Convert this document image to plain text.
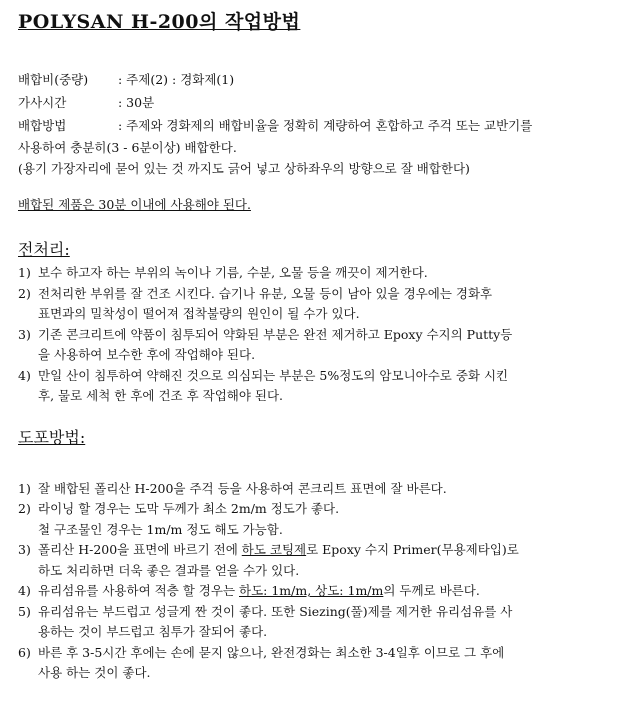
POLYSAN H-200의 작업방법
배합비(중량) : 주제(2) : 경화제(1)
가사시간	: 30분
배합방법	: 주제와 경화제의 배합비율을 정확히 계량하여 혼합하고 주걱 또는 교반기를
사용하여 충분히(3 - 6분이상) 배합한다.
(용기 가장자리에 묻어 있는 것 까지도 긁어 넣고 상하좌우의 방향으로 잘 배합한다)
배합된 제품은 30분 이내에 사용해야 된다.
전처리:
1) 보수 하고자 하는 부위의 녹이나 기름, 수분, 오물 등을 깨끗이 제거한다.
2) 전처리한 부위를 잘 건조 시킨다. 습기나 유분, 오물 등이 남아 있을 경우에는 경화후
표면과의 밀착성이 떨어져 접착불량의 원인이 될 수가 있다.
3) 기존 콘크리트에 약품이 침투되어 약화된 부분은 완전 제거하고 Epoxy 수지의 Putty등
을 사용하여 보수한 후에 작업해야 된다.
4) 만일 산이 침투하여 약해진 것으로 의심되는 부분은 5%정도의 암모니아수로 중화 시킨
후, 물로 세척 한 후에 건조 후 작업해야 된다.
도포방법:
1) 잘 배합된 폴리산 H-200을 주걱 등을 사용하여 콘크리트 표면에 잘 바른다.
2) 라이닝 할 경우는 도막 두께가 최소 2m/m 정도가 좋다.
철 구조물인 경우는 1m/m 정도 해도 가능함.
3) 폴리산 H-200을 표면에 바르기 전에 하도 코팅제로 Epoxy 수지 Primer(무용제타입)로
하도 처리하면 더욱 좋은 결과를 얻을 수가 있다.
4) 유리섬유를 사용하여 적층 할 경우는 하도: 1m/m, 상도: 1m/m의 두께로 바른다.
5) 유리섬유는 부드럽고 성글게 짠 것이 좋다. 또한 Siezing(풀)제를 제거한 유리섬유를 사
용하는 것이 부드럽고 침투가 잘되어 좋다.
6) 바른 후 3-5시간 후에는 손에 묻지 않으나, 완전경화는 최소한 3-4일후 이므로 그 후에
사용 하는 것이 좋다.
